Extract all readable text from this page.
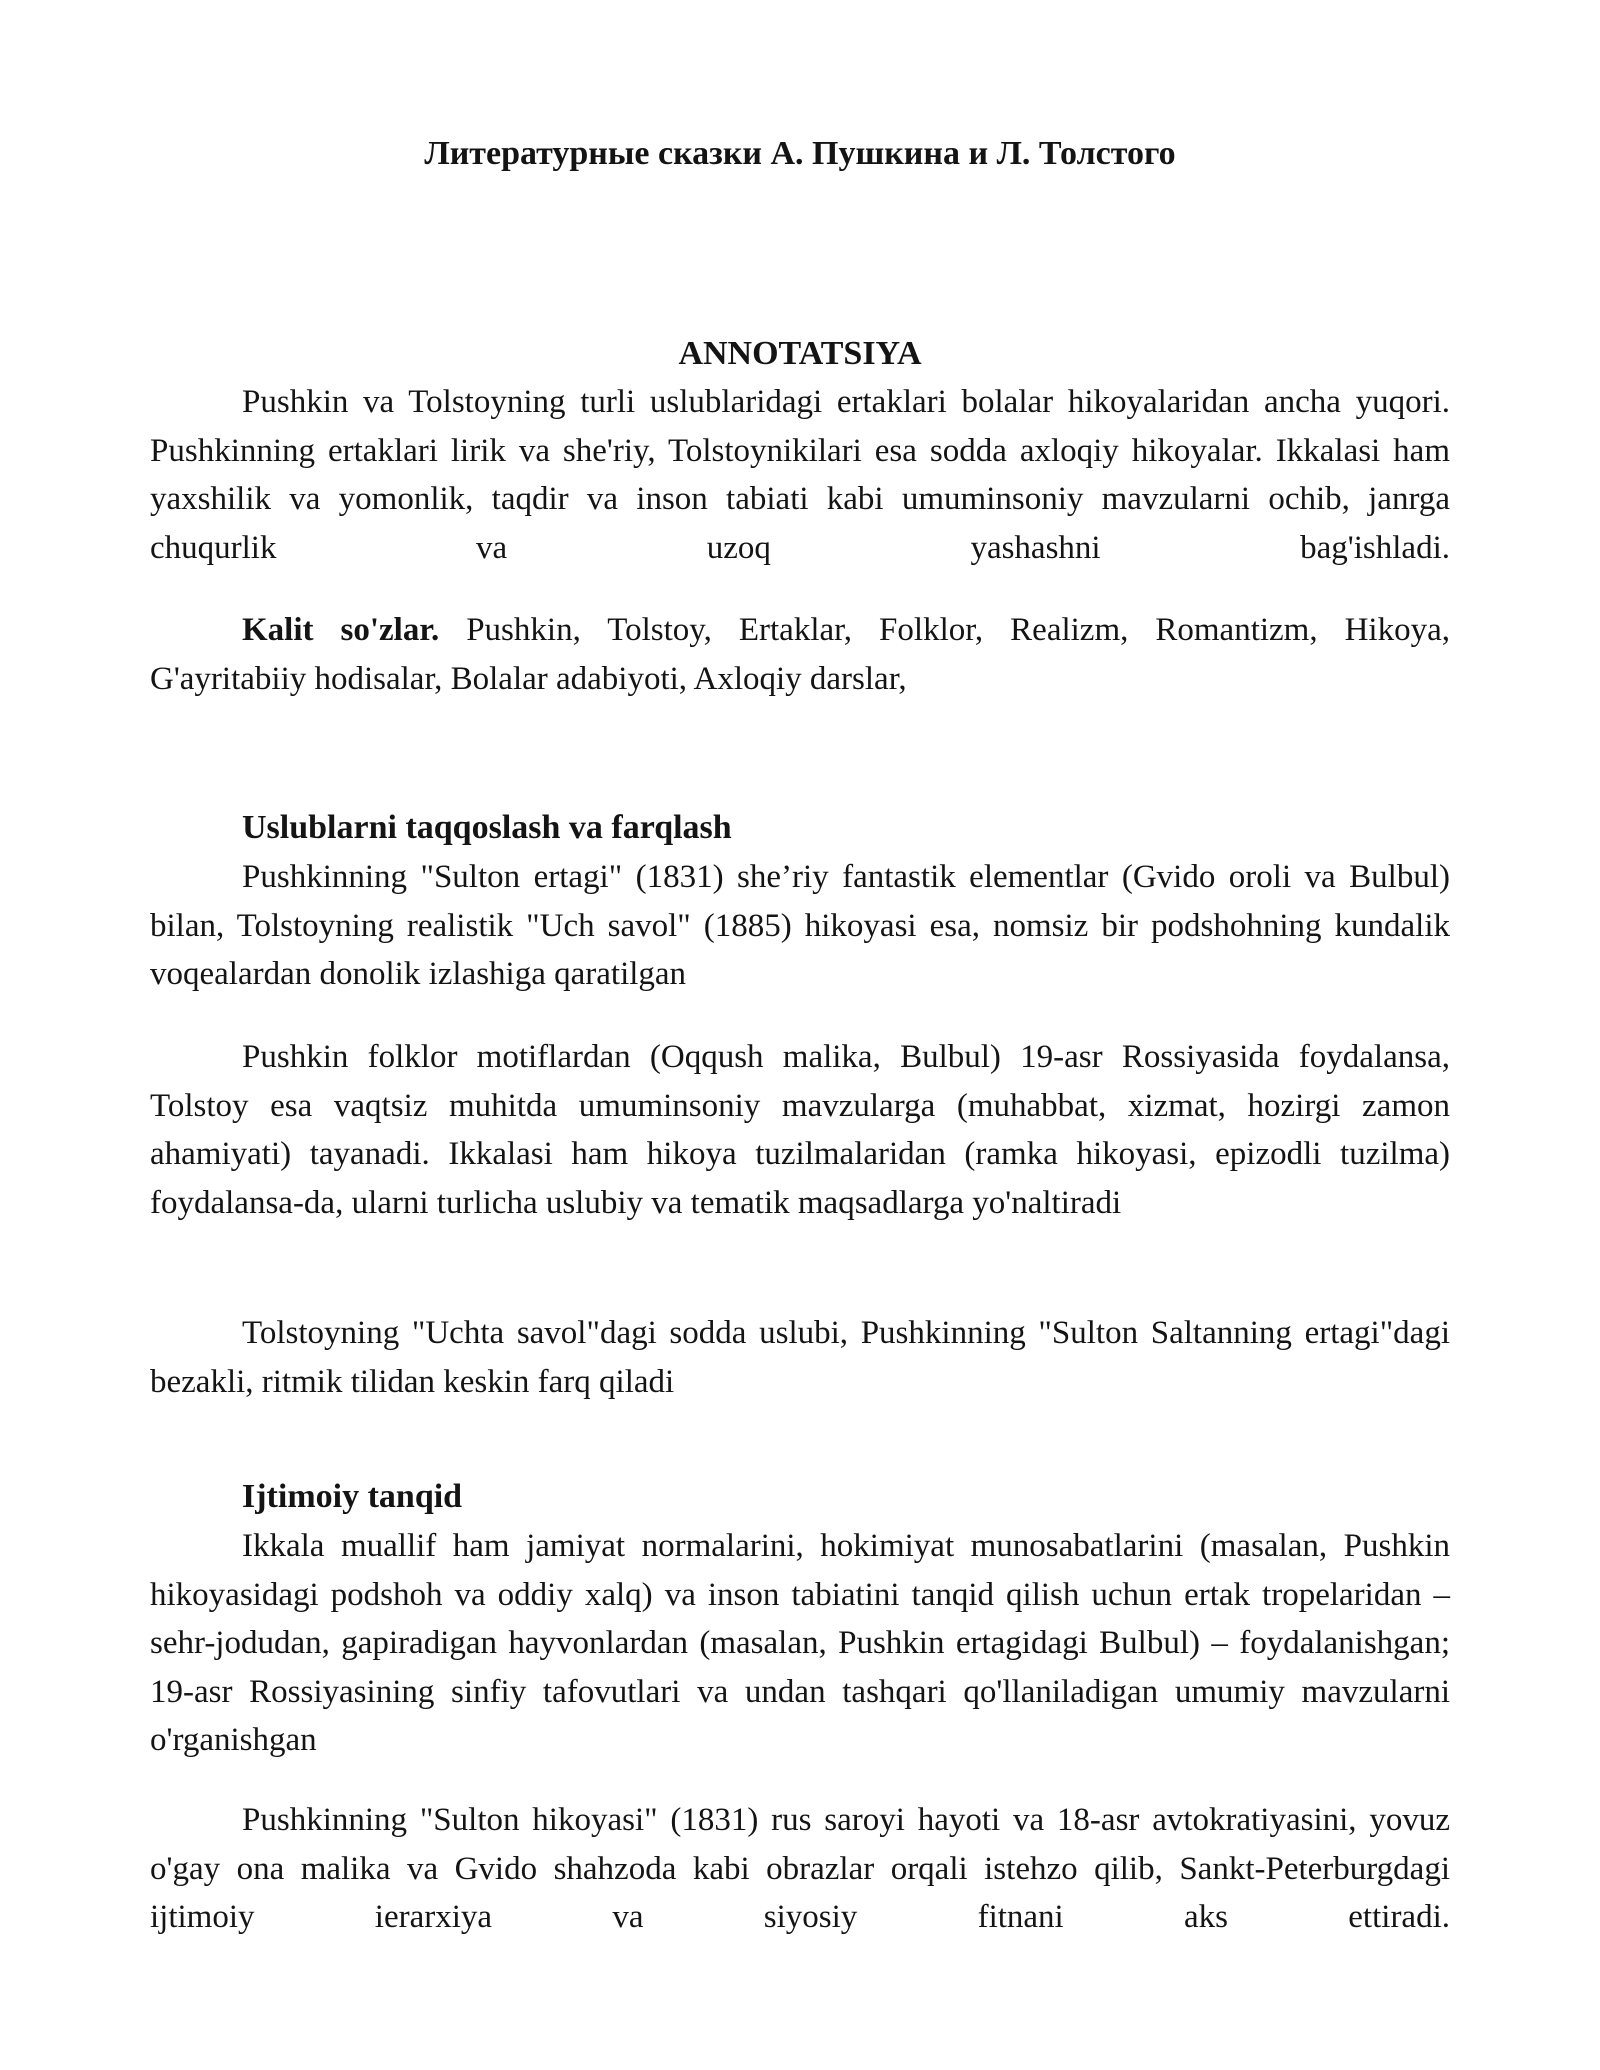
Литературные сказки А. Пушкина и Л. Толстого
ANNOTATSIYA

Pushkin va Tolstoyning turli uslublaridagi ertaklari bolalar hikoyalaridan ancha yuqori. Pushkinning ertaklari lirik va she'riy, Tolstoynikilari esa sodda axloqiy hikoyalar. Ikkalasi ham yaxshilik va yomonlik, taqdir va inson tabiati kabi umuminsoniy mavzularni ochib, janrga chuqurlik va uzoq yashashni bag'ishladi.

Kalit so'zlar. Pushkin, Tolstoy, Ertaklar, Folklor, Realizm, Romantizm, Hikoya, G'ayritabiiy hodisalar, Bolalar adabiyoti, Axloqiy darslar,

Uslublarni taqqoslash va farqlash

Pushkinning "Sulton ertagi" (1831) she’riy fantastik elementlar (Gvido oroli va Bulbul) bilan, Tolstoyning realistik "Uch savol" (1885) hikoyasi esa, nomsiz bir podshohning kundalik voqealardan donolik izlashiga qaratilgan

Pushkin folklor motiflardan (Oqqush malika, Bulbul) 19-asr Rossiyasida foydalansa, Tolstoy esa vaqtsiz muhitda umuminsoniy mavzularga (muhabbat, xizmat, hozirgi zamon ahamiyati) tayanadi. Ikkalasi ham hikoya tuzilmalaridan (ramka hikoyasi, epizodli tuzilma) foydalansa-da, ularni turlicha uslubiy va tematik maqsadlarga yo'naltiradi

Tolstoyning "Uchta savol"dagi sodda uslubi, Pushkinning "Sulton Saltanning ertagi"dagi bezakli, ritmik tilidan keskin farq qiladi

Ijtimoiy tanqid

Ikkala muallif ham jamiyat normalarini, hokimiyat munosabatlarini (masalan, Pushkin hikoyasidagi podshoh va oddiy xalq) va inson tabiatini tanqid qilish uchun ertak tropelaridan – sehr-jodudan, gapiradigan hayvonlardan (masalan, Pushkin ertagidagi Bulbul) – foydalanishgan; 19-asr Rossiyasining sinfiy tafovutlari va undan tashqari qo'llaniladigan umumiy mavzularni o'rganishgan

Pushkinning "Sulton hikoyasi" (1831) rus saroyi hayoti va 18-asr avtokratiyasini, yovuz o'gay ona malika va Gvido shahzoda kabi obrazlar orqali istehzo qilib, Sankt-Peterburgdagi ijtimoiy ierarxiya va siyosiy fitnani aks ettiradi.
